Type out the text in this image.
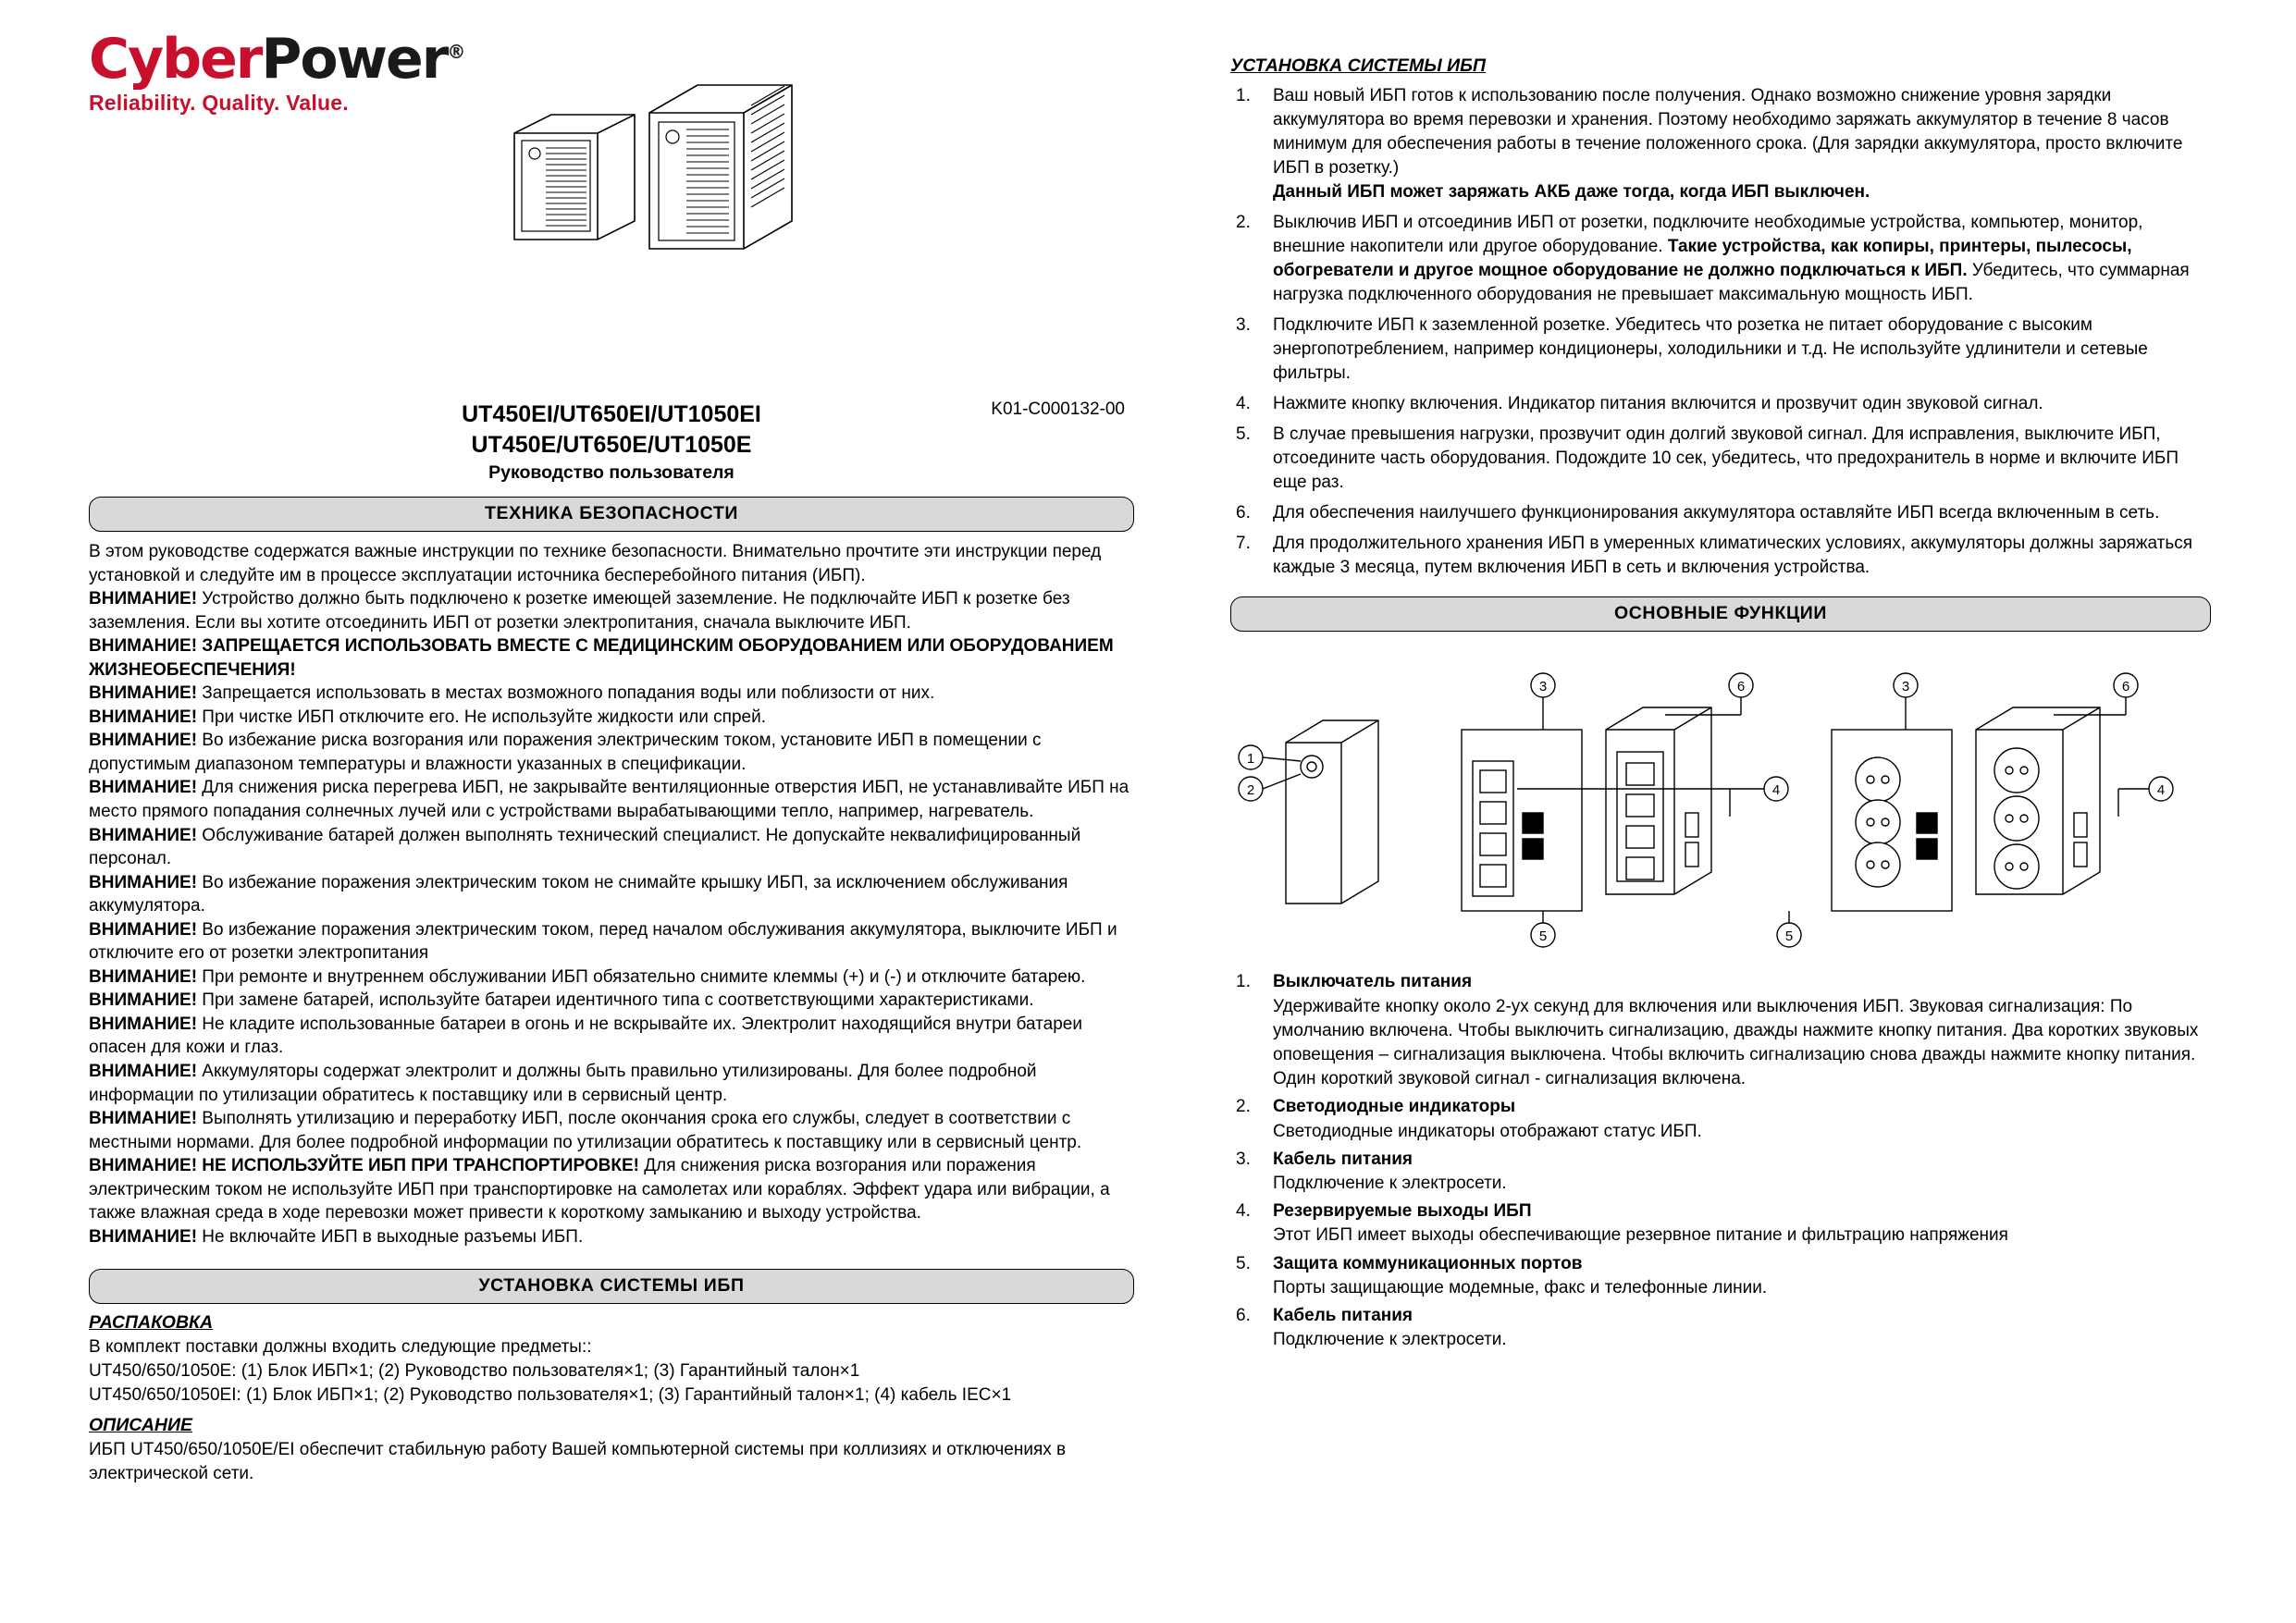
CyberPower®
Reliability. Quality. Value.
UT450EI/UT650EI/UT1050EI
UT450E/UT650E/UT1050E
Руководство пользователя
K01-C000132-00
ТЕХНИКА БЕЗОПАСНОСТИ

В этом руководстве содержатся важные инструкции по технике безопасности. Внимательно прочтите эти инструкции перед установкой и следуйте им в процессе эксплуатации источника бесперебойного питания (ИБП).

ВНИМАНИЕ! Устройство должно быть подключено к розетке имеющей заземление. Не подключайте ИБП к розетке без заземления. Если вы хотите отсоединить ИБП от розетки электропитания, сначала выключите ИБП.

ВНИМАНИЕ! ЗАПРЕЩАЕТСЯ ИСПОЛЬЗОВАТЬ ВМЕСТЕ С МЕДИЦИНСКИМ ОБОРУДОВАНИЕМ ИЛИ ОБОРУДОВАНИЕМ ЖИЗНЕОБЕСПЕЧЕНИЯ!

ВНИМАНИЕ! Запрещается использовать в местах возможного попадания воды или поблизости от них.

ВНИМАНИЕ! При чистке ИБП отключите его. Не используйте жидкости или спрей.

ВНИМАНИЕ! Во избежание риска возгорания или поражения электрическим током, установите ИБП в помещении с допустимым диапазоном температуры и влажности указанных в спецификации.

ВНИМАНИЕ! Для снижения риска перегрева ИБП, не закрывайте вентиляционные отверстия ИБП, не устанавливайте ИБП на место прямого попадания солнечных лучей или с устройствами вырабатывающими тепло, например, нагреватель.

ВНИМАНИЕ! Обслуживание батарей должен выполнять технический специалист. Не допускайте неквалифицированный персонал.

ВНИМАНИЕ! Во избежание поражения электрическим током не снимайте крышку ИБП, за исключением обслуживания аккумулятора.

ВНИМАНИЕ! Во избежание поражения электрическим током, перед началом обслуживания аккумулятора, выключите ИБП и отключите его от розетки электропитания

ВНИМАНИЕ! При ремонте и внутреннем обслуживании ИБП обязательно снимите клеммы (+) и (-) и отключите батарею.

ВНИМАНИЕ! При замене батарей, используйте батареи идентичного типа с соответствующими характеристиками.

ВНИМАНИЕ! Не кладите использованные батареи в огонь и не вскрывайте их. Электролит находящийся внутри батареи опасен для кожи и глаз.

ВНИМАНИЕ! Аккумуляторы содержат электролит и должны быть правильно утилизированы. Для более подробной информации по утилизации обратитесь к поставщику или в сервисный центр.

ВНИМАНИЕ! Выполнять утилизацию и переработку ИБП, после окончания срока его службы, следует в соответствии с местными нормами. Для более подробной информации по утилизации обратитесь к поставщику или в сервисный центр.

ВНИМАНИЕ! НЕ ИСПОЛЬЗУЙТЕ ИБП ПРИ ТРАНСПОРТИРОВКЕ! Для снижения риска возгорания или поражения электрическим током не используйте ИБП при транспортировке на самолетах или кораблях. Эффект удара или вибрации, а также влажная среда в ходе перевозки может привести к короткому замыканию и выходу устройства.

ВНИМАНИЕ! Не включайте ИБП в выходные разъемы ИБП.

УСТАНОВКА СИСТЕМЫ ИБП
РАСПАКОВКА

В комплект поставки должны входить следующие предметы::

UT450/650/1050E: (1) Блок ИБП×1; (2) Руководство пользователя×1; (3) Гарантийный талон×1

UT450/650/1050EI: (1) Блок ИБП×1; (2) Руководство пользователя×1; (3) Гарантийный талон×1; (4) кабель IEC×1

ОПИСАНИЕ

ИБП UT450/650/1050E/EI обеспечит стабильную работу Вашей компьютерной системы при коллизиях и отключениях в электрической сети.

УСТАНОВКА СИСТЕМЫ ИБП
1. Ваш новый ИБП готов к использованию после получения. Однако возможно снижение уровня зарядки аккумулятора во время перевозки и хранения. Поэтому необходимо заряжать аккумулятор в течение 8 часов минимум для обеспечения работы в течение положенного срока. (Для зарядки аккумулятора, просто включите ИБП в розетку.)
Данный ИБП может заряжать АКБ даже тогда, когда ИБП выключен.
2. Выключив ИБП и отсоединив ИБП от розетки, подключите необходимые устройства, компьютер, монитор, внешние накопители или другое оборудование. Такие устройства, как копиры, принтеры, пылесосы, обогреватели и другое мощное оборудование не должно подключаться к ИБП. Убедитесь, что суммарная нагрузка подключенного оборудования не превышает максимальную мощность ИБП.
3. Подключите ИБП к заземленной розетке. Убедитесь что розетка не питает оборудование с высоким энергопотреблением, например кондиционеры, холодильники и т.д. Не используйте удлинители и сетевые фильтры.
4. Нажмите кнопку включения. Индикатор питания включится и прозвучит один звуковой сигнал.
5. В случае превышения нагрузки, прозвучит один долгий звуковой сигнал. Для исправления, выключите ИБП, отсоедините часть оборудования. Подождите 10 сек, убедитесь, что предохранитель в норме и включите ИБП еще раз.
6. Для обеспечения наилучшего функционирования аккумулятора оставляйте ИБП всегда включенным в сеть.
7. Для продолжительного хранения ИБП в умеренных климатических условиях, аккумуляторы должны заряжаться каждые 3 месяца, путем включения ИБП в сеть и включения устройства.
ОСНОВНЫЕ ФУНКЦИИ
1
2
3
4
5	5
6	3
4
6
1. Выключатель питания
Удерживайте кнопку около 2-ух секунд для включения или выключения ИБП. Звуковая сигнализация: По умолчанию включена. Чтобы выключить сигнализацию, дважды нажмите кнопку питания. Два коротких звуковых оповещения – сигнализация выключена. Чтобы включить сигнализацию снова дважды нажмите кнопку питания. Один короткий звуковой сигнал - сигнализация включена.
2. Светодиодные индикаторы
Светодиодные индикаторы отображают статус ИБП.
3. Кабель питания
Подключение к электросети.
4. Резервируемые выходы ИБП
Этот ИБП имеет выходы обеспечивающие резервное питание и фильтрацию напряжения
5. Защита коммуникационных портов
Порты защищающие модемные, факс и телефонные линии.
6. Кабель питания
Подключение к электросети.
